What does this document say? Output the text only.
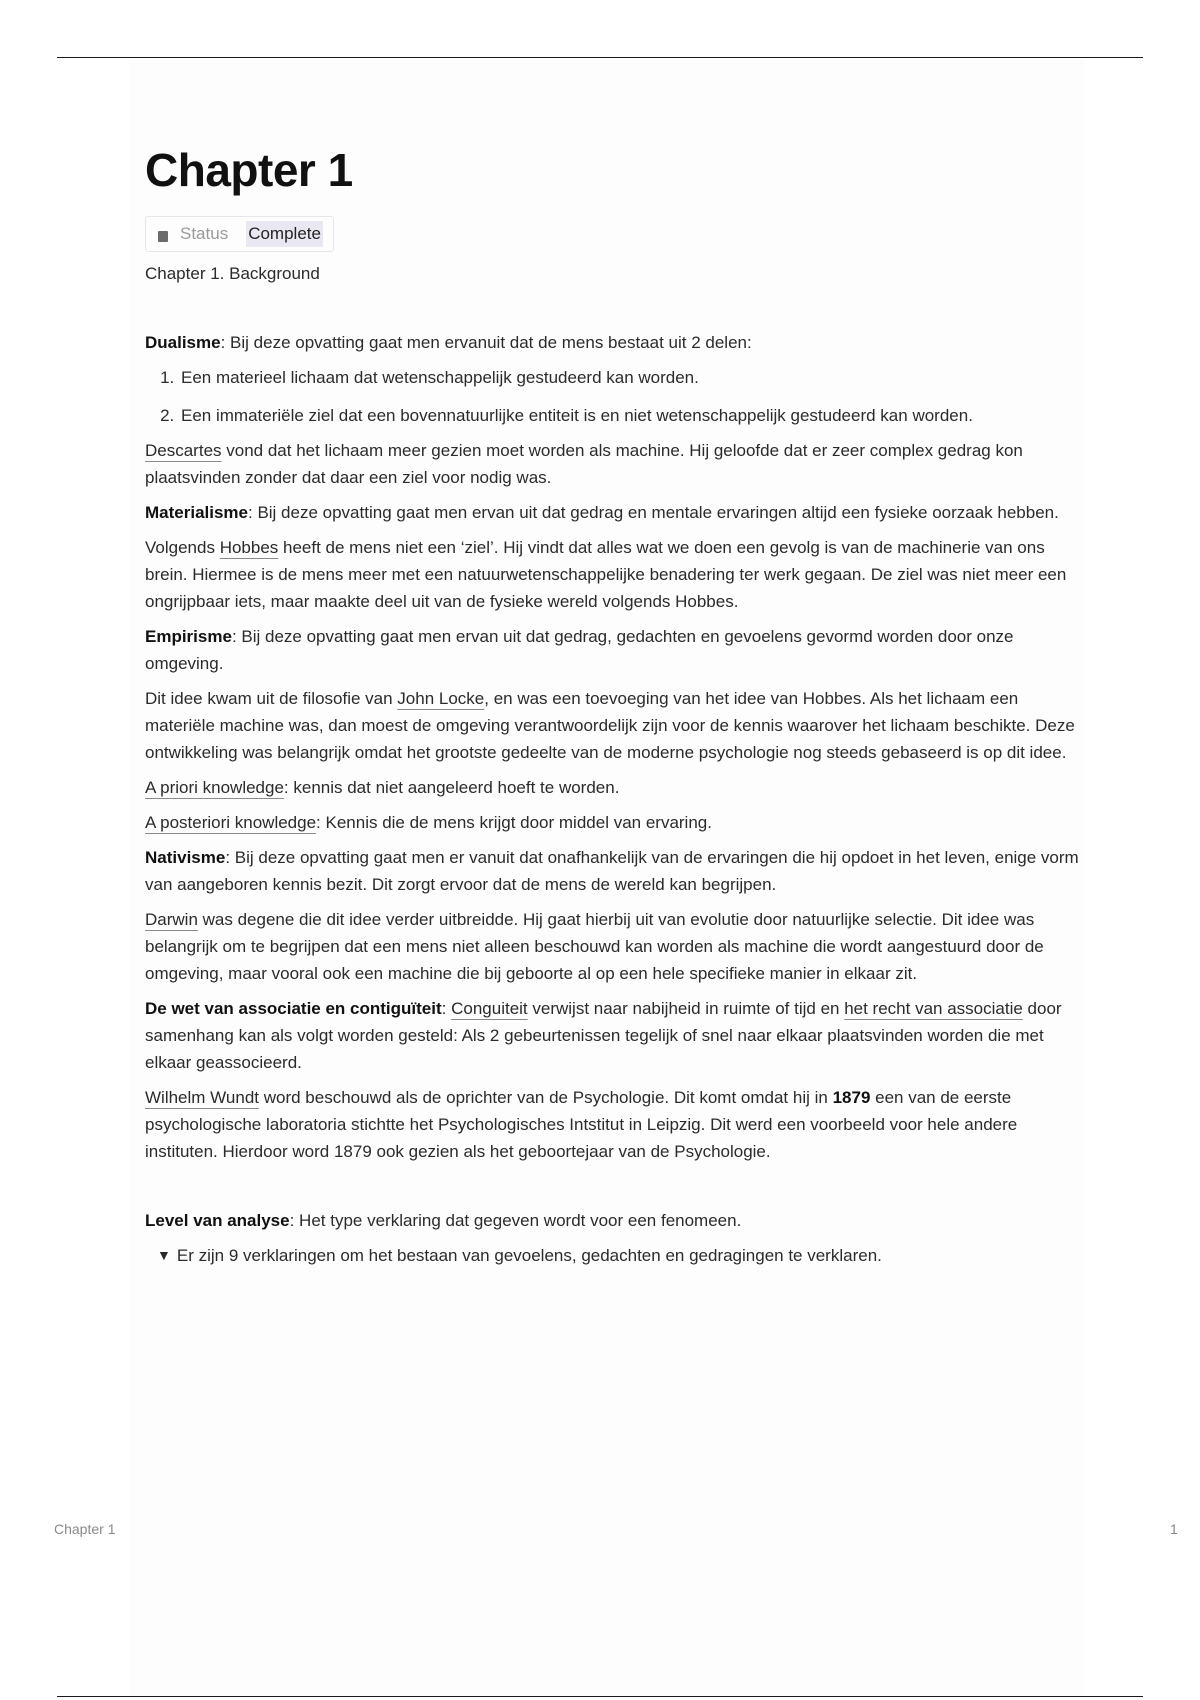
Chapter 1
Status Complete

Chapter 1. Background

Dualisme: Bij deze opvatting gaat men ervanuit dat de mens bestaat uit 2 delen:

1. Een materieel lichaam dat wetenschappelijk gestudeerd kan worden.
2. Een immateriële ziel dat een bovennatuurlijke entiteit is en niet wetenschappelijk gestudeerd kan worden.

Descartes vond dat het lichaam meer gezien moet worden als machine. Hij geloofde dat er zeer complex gedrag kon plaatsvinden zonder dat daar een ziel voor nodig was.

Materialisme: Bij deze opvatting gaat men ervan uit dat gedrag en mentale ervaringen altijd een fysieke oorzaak hebben.

Volgends Hobbes heeft de mens niet een ‘ziel’. Hij vindt dat alles wat we doen een gevolg is van de machinerie van ons brein. Hiermee is de mens meer met een natuurwetenschappelijke benadering ter werk gegaan. De ziel was niet meer een ongrijpbaar iets, maar maakte deel uit van de fysieke wereld volgends Hobbes.

Empirisme: Bij deze opvatting gaat men ervan uit dat gedrag, gedachten en gevoelens gevormd worden door onze omgeving.

Dit idee kwam uit de filosofie van John Locke, en was een toevoeging van het idee van Hobbes. Als het lichaam een materiële machine was, dan moest de omgeving verantwoordelijk zijn voor de kennis waarover het lichaam beschikte. Deze ontwikkeling was belangrijk omdat het grootste gedeelte van de moderne psychologie nog steeds gebaseerd is op dit idee.

A priori knowledge: kennis dat niet aangeleerd hoeft te worden.

A posteriori knowledge: Kennis die de mens krijgt door middel van ervaring.

Nativisme: Bij deze opvatting gaat men er vanuit dat onafhankelijk van de ervaringen die hij opdoet in het leven, enige vorm van aangeboren kennis bezit. Dit zorgt ervoor dat de mens de wereld kan begrijpen.

Darwin was degene die dit idee verder uitbreidde. Hij gaat hierbij uit van evolutie door natuurlijke selectie. Dit idee was belangrijk om te begrijpen dat een mens niet alleen beschouwd kan worden als machine die wordt aangestuurd door de omgeving, maar vooral ook een machine die bij geboorte al op een hele specifieke manier in elkaar zit.

De wet van associatie en contiguïteit: Conguiteit verwijst naar nabijheid in ruimte of tijd en het recht van associatie door samenhang kan als volgt worden gesteld: Als 2 gebeurtenissen tegelijk of snel naar elkaar plaatsvinden worden die met elkaar geassocieerd.

Wilhelm Wundt word beschouwd als de oprichter van de Psychologie. Dit komt omdat hij in 1879 een van de eerste psychologische laboratoria stichtte het Psychologisches Intstitut in Leipzig. Dit werd een voorbeeld voor hele andere instituten. Hierdoor word 1879 ook gezien als het geboortejaar van de Psychologie.

Level van analyse: Het type verklaring dat gegeven wordt voor een fenomeen.

▼ Er zijn 9 verklaringen om het bestaan van gevoelens, gedachten en gedragingen te verklaren.

Chapter 1	1
